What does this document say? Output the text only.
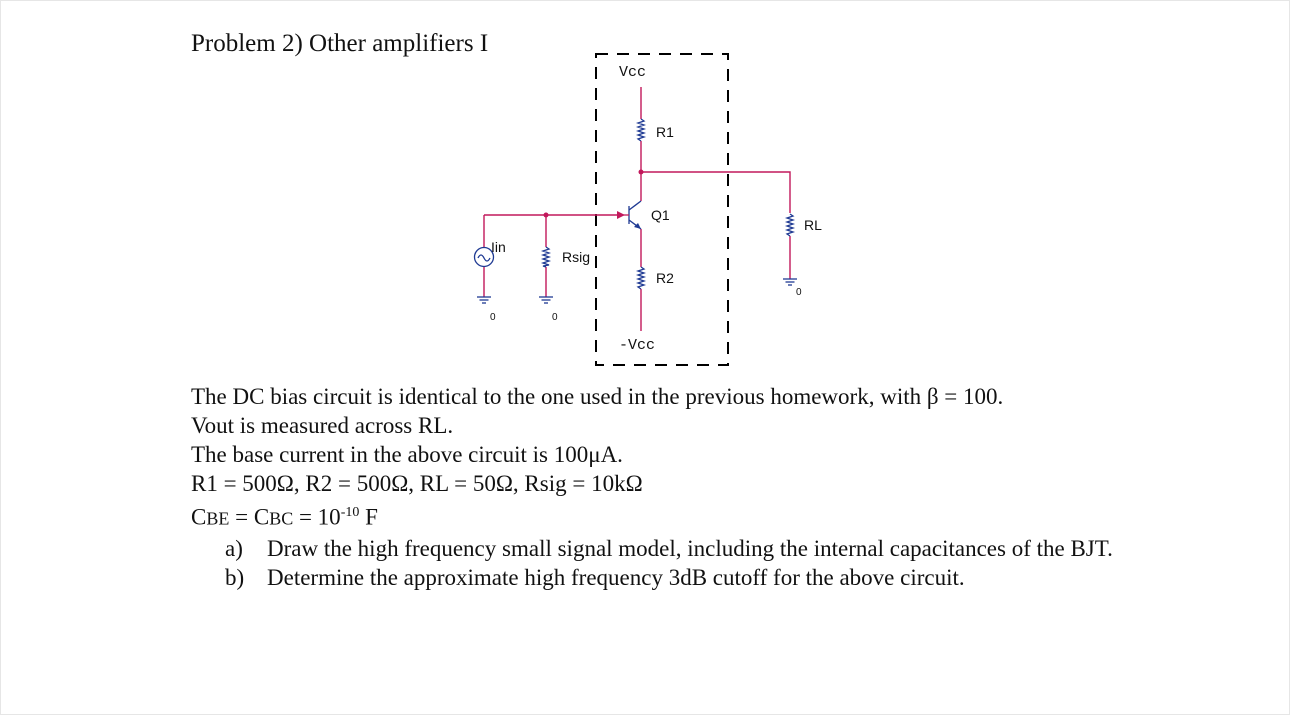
Problem 2) Other amplifiers I
Vcc
-Vcc
R1
R2
Q1
RL
Iin
Rsig
0	0
0
The DC bias circuit is identical to the one used in the previous homework, with β = 100.
Vout is measured across RL.
The base current in the above circuit is 100μA.
R1 = 500Ω, R2 = 500Ω, RL = 50Ω, Rsig = 10kΩ
CBE = CBC = $10^{-10}$ F
a)	Draw the high frequency small signal model, including the internal capacitances of the BJT.
b) Determine the approximate high frequency 3dB cutoff for the above circuit.
